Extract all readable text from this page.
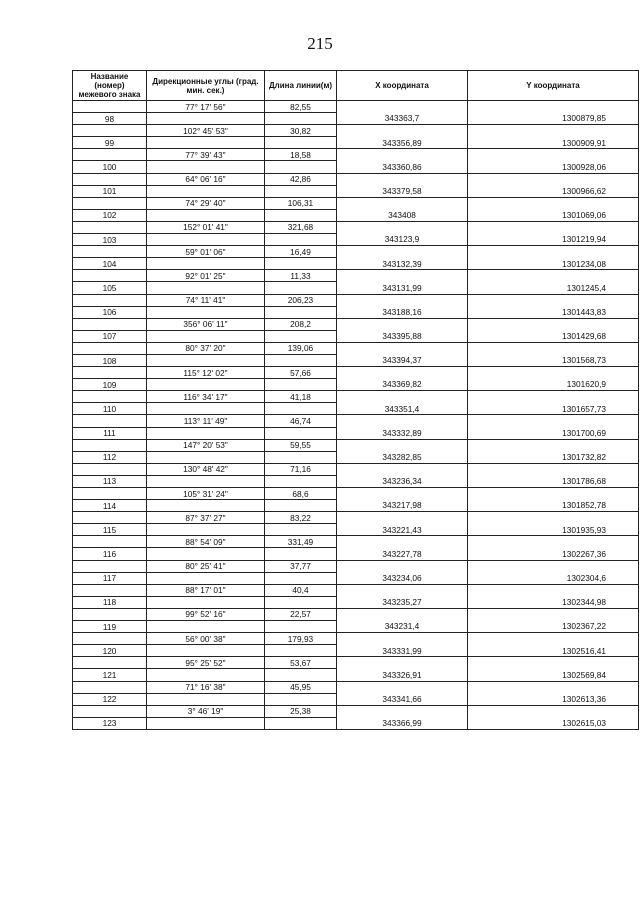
215
Название (номер) межевого знака	Дирекционные углы (град. мин. сек.)	Длина линии(м)	X координата	Y координата
	77° 17' 56"	82,55		
98			343363,7	1300879,85
	102° 45' 53"	30,82		
99			343356,89	1300909,91
	77° 39' 43"	18,58		
100			343360,86	1300928,06
	64° 06' 16"	42,86		
101			343379,58	1300966,62
	74° 29' 40"	106,31		
102			343408	1301069,06
	152° 01' 41"	321,68		
103			343123,9	1301219,94
	59° 01' 06"	16,49		
104			343132,39	1301234,08
	92° 01' 25"	11,33		
105			343131,99	1301245,4
	74° 11' 41"	206,23		
106			343188,16	1301443,83
	356° 06' 11"	208,2		
107			343395,88	1301429,68
	80° 37' 20"	139,06		
108			343394,37	1301568,73
	115° 12' 02"	57,66		
109			343369,82	1301620,9
	116° 34' 17"	41,18		
110			343351,4	1301657,73
	113° 11' 49"	46,74		
111			343332,89	1301700,69
	147° 20' 53"	59,55		
112			343282,85	1301732,82
	130° 48' 42"	71,16		
113			343236,34	1301786,68
	105° 31' 24"	68,6		
114			343217,98	1301852,78
	87° 37' 27"	83,22		
115			343221,43	1301935,93
	88° 54' 09"	331,49		
116			343227,78	1302267,36
	80° 25' 41"	37,77		
117			343234,06	1302304,6
	88° 17' 01"	40,4		
118			343235,27	1302344,98
	99° 52' 16"	22,57		
119			343231,4	1302367,22
	56° 00' 38"	179,93		
120			343331,99	1302516,41
	95° 25' 52"	53,67		
121			343326,91	1302569,84
	71° 16' 38"	45,95		
122			343341,66	1302613,36
	3° 46' 19"	25,38		
123			343366,99	1302615,03
